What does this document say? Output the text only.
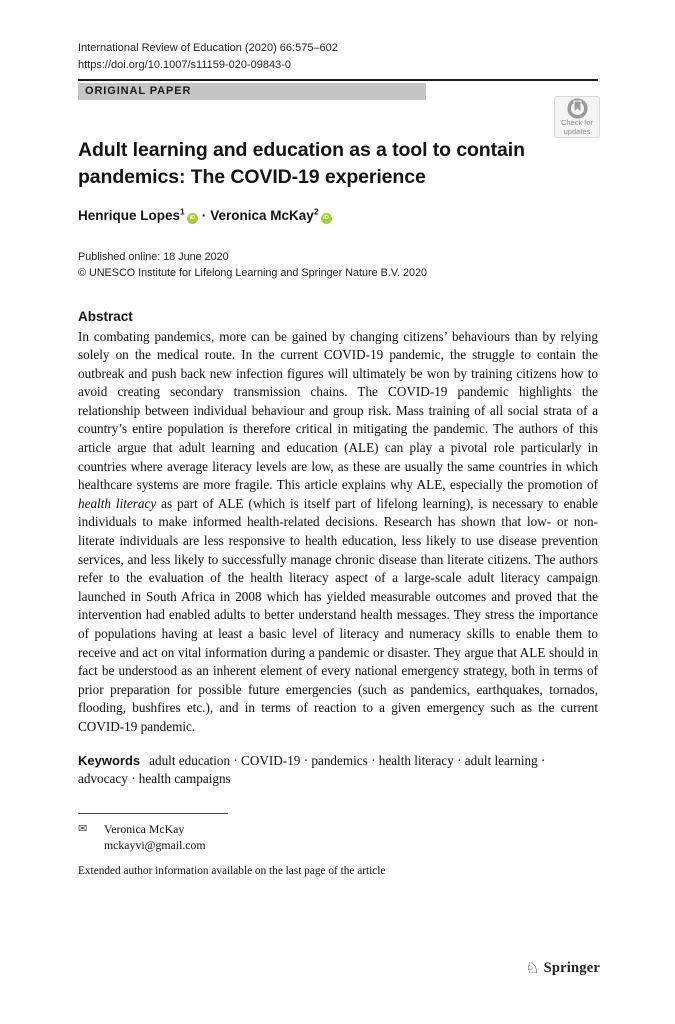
International Review of Education (2020) 66:575–602
https://doi.org/10.1007/s11159-020-09843-0
ORIGINAL PAPER
Adult learning and education as a tool to contain
pandemics: The COVID-19 experience
Henrique Lopes$^1$iD · Veronica McKay$^2$iD
Published online: 18 June 2020
© UNESCO Institute for Lifelong Learning and Springer Nature B.V. 2020
Abstract

In combating pandemics, more can be gained by changing citizens’ behaviours than by relying solely on the medical route. In the current COVID-19 pandemic, the struggle to contain the outbreak and push back new infection figures will ultimately be won by training citizens how to avoid creating secondary transmission chains. The COVID-19 pandemic highlights the relationship between individual behaviour and group risk. Mass training of all social strata of a country’s entire population is therefore critical in mitigating the pandemic. The authors of this article argue that adult learning and education (ALE) can play a pivotal role particularly in countries where average literacy levels are low, as these are usually the same countries in which healthcare systems are more fragile. This article explains why ALE, especially the promotion of health literacy as part of ALE (which is itself part of lifelong learning), is necessary to enable individuals to make informed health-related decisions. Research has shown that low- or non-literate individuals are less responsive to health education, less likely to use disease prevention services, and less likely to successfully manage chronic disease than literate citizens. The authors refer to the evaluation of the health literacy aspect of a large-scale adult literacy campaign launched in South Africa in 2008 which has yielded measurable outcomes and proved that the intervention had enabled adults to better understand health messages. They stress the importance of populations having at least a basic level of literacy and numeracy skills to enable them to receive and act on vital information during a pandemic or disaster. They argue that ALE should in fact be understood as an inherent element of every national emergency strategy, both in terms of prior preparation for possible future emergencies (such as pandemics, earthquakes, tornados, flooding, bushfires etc.), and in terms of reaction to a given emergency such as the current COVID-19 pandemic.

Keywords adult education · COVID-19 · pandemics · health literacy · adult learning · advocacy · health campaigns

✉	Veronica McKay
mckayvi@gmail.com
Extended author information available on the last page of the article
Check for
updates
♘ Springer
